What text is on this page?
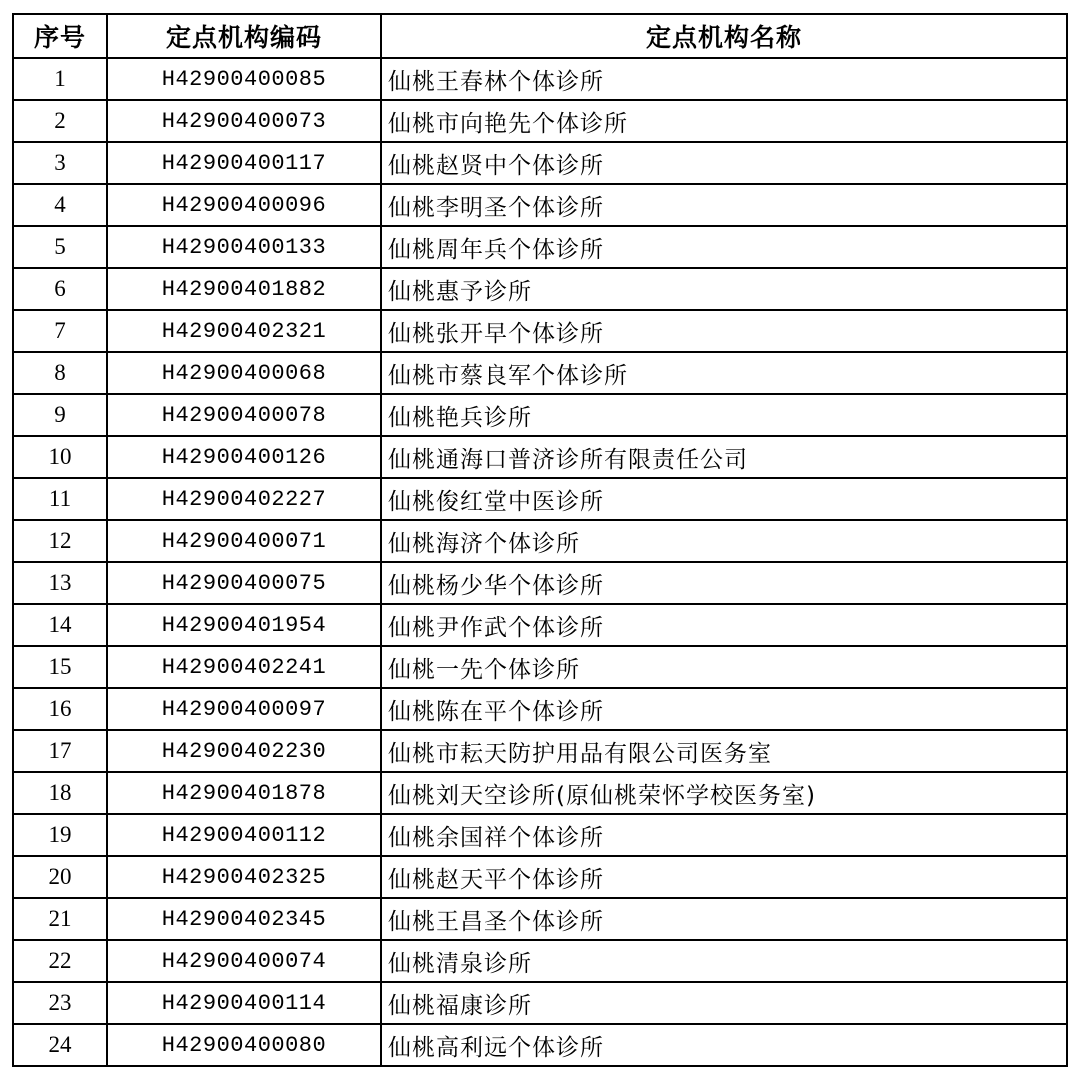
序号	定点机构编码	定点机构名称
1	H42900400085	仙桃王春林个体诊所
2	H42900400073	仙桃市向艳先个体诊所
3	H42900400117	仙桃赵贤中个体诊所
4	H42900400096	仙桃李明圣个体诊所
5	H42900400133	仙桃周年兵个体诊所
6	H42900401882	仙桃惠予诊所
7	H42900402321	仙桃张开早个体诊所
8	H42900400068	仙桃市蔡良军个体诊所
9	H42900400078	仙桃艳兵诊所
10	H42900400126	仙桃通海口普济诊所有限责任公司
11	H42900402227	仙桃俊红堂中医诊所
12	H42900400071	仙桃海济个体诊所
13	H42900400075	仙桃杨少华个体诊所
14	H42900401954	仙桃尹作武个体诊所
15	H42900402241	仙桃一先个体诊所
16	H42900400097	仙桃陈在平个体诊所
17	H42900402230	仙桃市耘天防护用品有限公司医务室
18	H42900401878	仙桃刘天空诊所(原仙桃荣怀学校医务室)
19	H42900400112	仙桃余国祥个体诊所
20	H42900402325	仙桃赵天平个体诊所
21	H42900402345	仙桃王昌圣个体诊所
22	H42900400074	仙桃清泉诊所
23	H42900400114	仙桃福康诊所
24	H42900400080	仙桃高利远个体诊所
